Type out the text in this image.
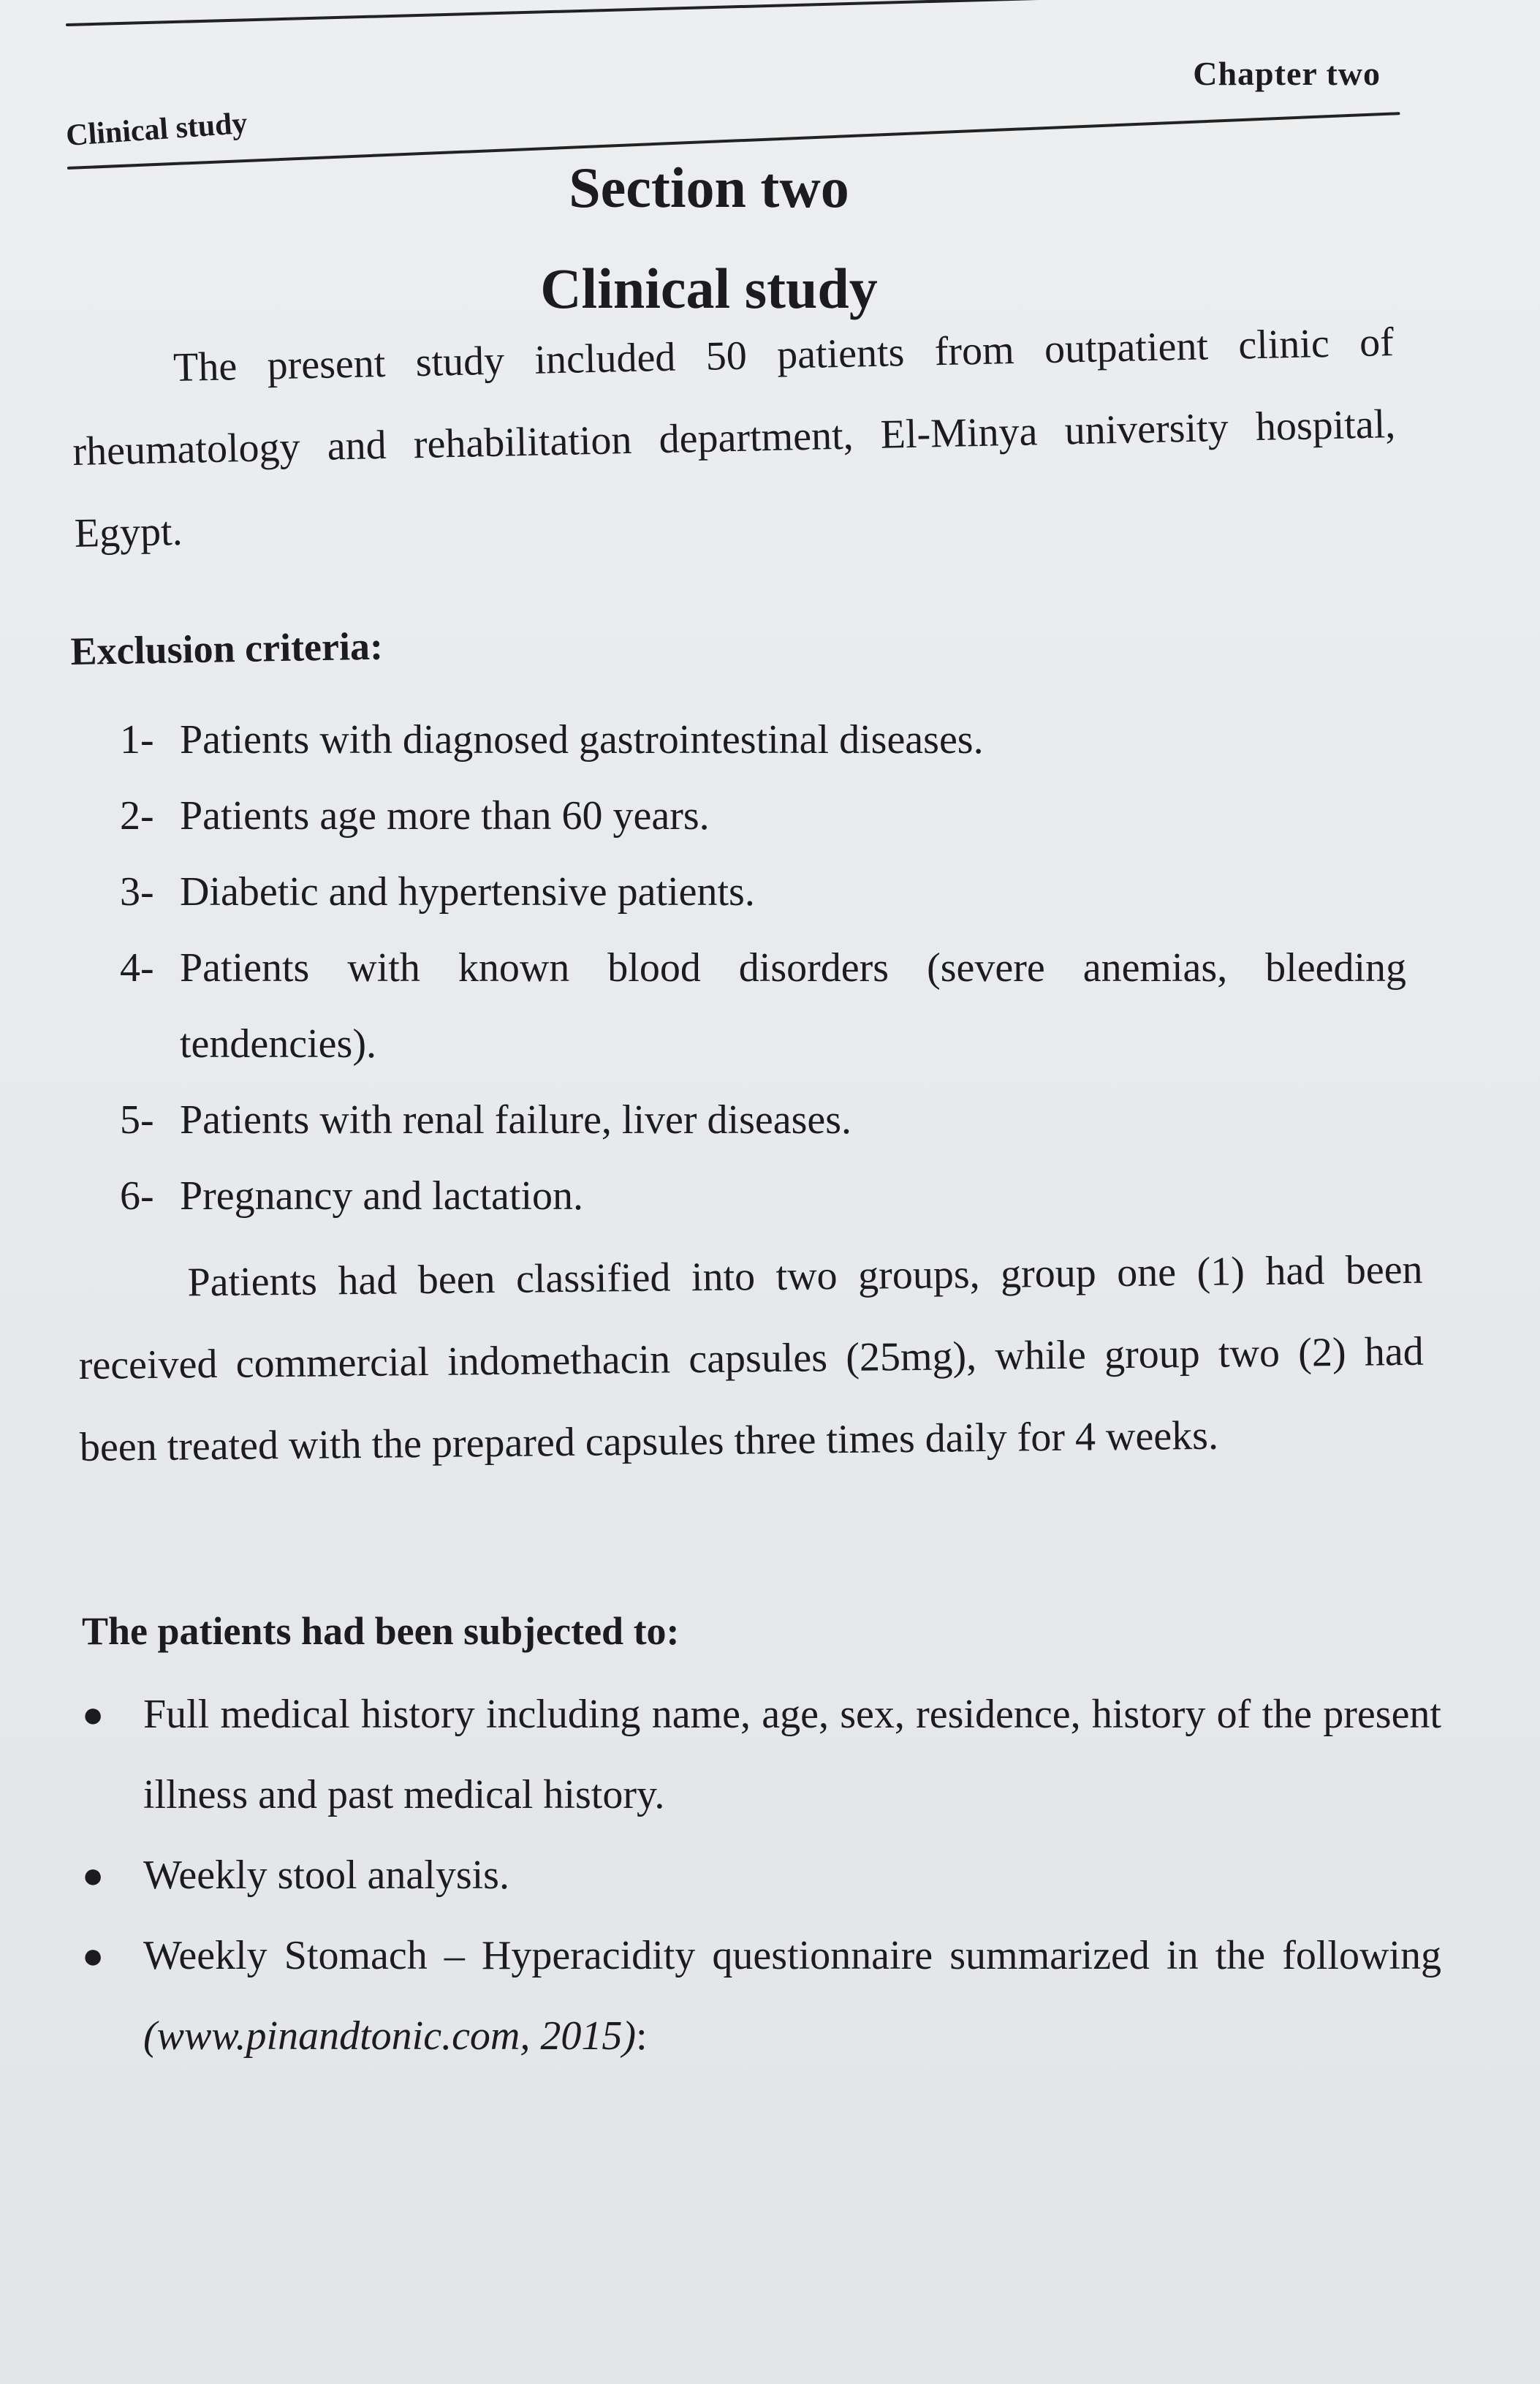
Chapter two
Clinical study
Section two
Clinical study
The present study included 50 patients from outpatient clinic of rheumatology and rehabilitation department, El-Minya university hospital, Egypt.
Exclusion criteria:
1- Patients with diagnosed gastrointestinal diseases.
2- Patients age more than 60 years.
3- Diabetic and hypertensive patients.
4- Patients with known blood disorders (severe anemias, bleeding tendencies).
5- Patients with renal failure, liver diseases.
6- Pregnancy and lactation.
Patients had been classified into two groups, group one (1) had been received commercial indomethacin capsules (25mg), while group two (2) had been treated with the prepared capsules three times daily for 4 weeks.
The patients had been subjected to:
● Full medical history including name, age, sex, residence, history of the present illness and past medical history.
● Weekly stool analysis.
● Weekly Stomach – Hyperacidity questionnaire summarized in the following (www.pinandtonic.com, 2015):
